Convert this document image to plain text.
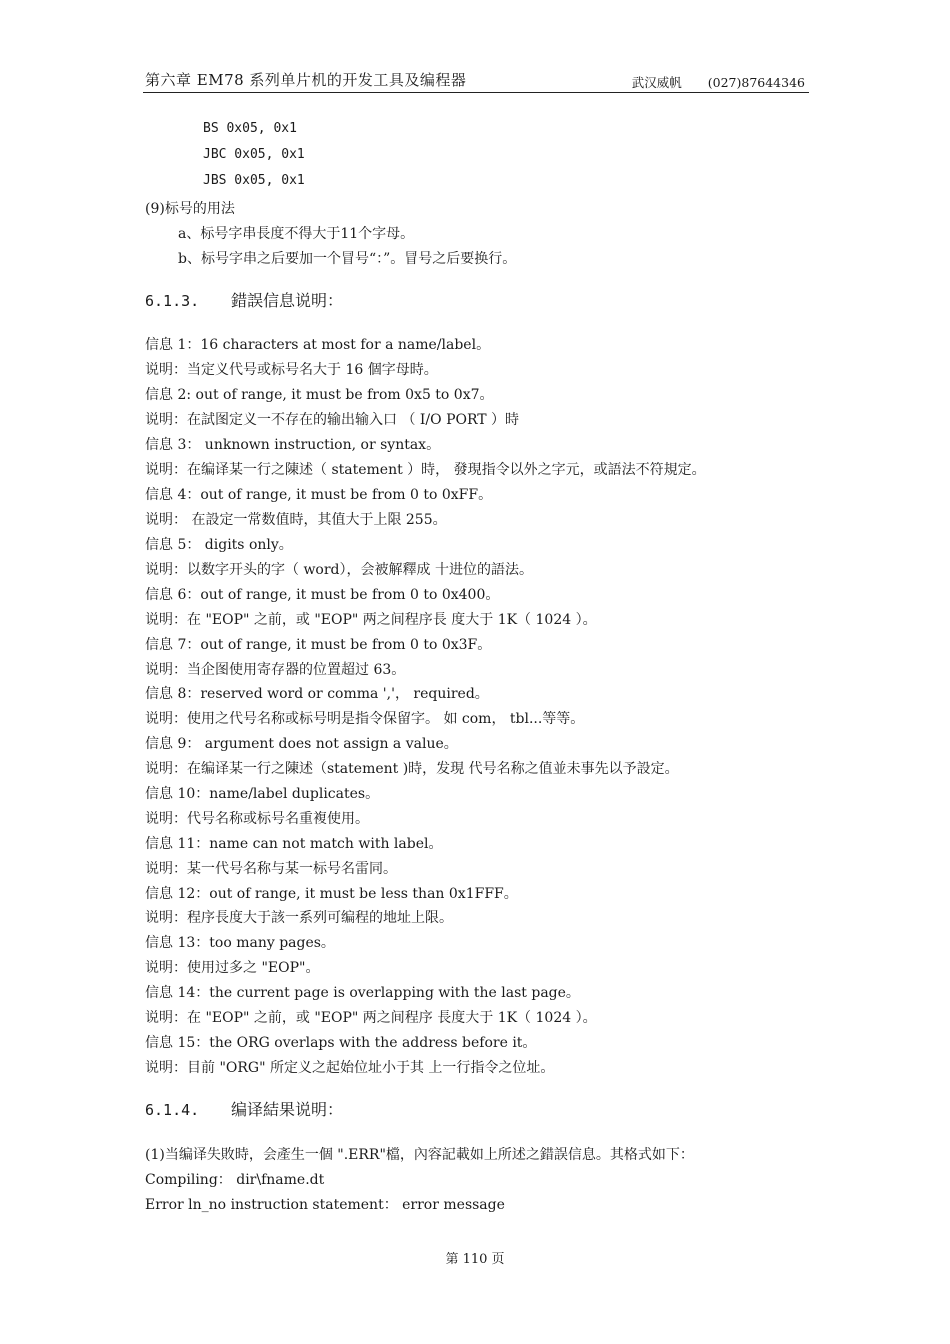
第六章 EM78 系列单片机的开发工具及编程器	武汉威帆 (027)87644346
BS 0x05, 0x1
JBC 0x05, 0x1
JBS 0x05, 0x1
(9)标号的用法
a、标号字串長度不得大于11个字母。
b、标号字串之后要加一个冒号“：”。冒号之后要换行。
6.1.3. 錯誤信息说明：
信息 1：16 characters at most for a name/label。
说明：当定义代号或标号名大于 16 個字母時。
信息 2: out of range, it must be from 0x5 to 0x7。
说明：在試图定义一不存在的输出输入口 （ I/O PORT ）時
信息 3： unknown instruction, or syntax。
说明：在编译某一行之陳述（ statement ）時， 發現指令以外之字元，或語法不符規定。
信息 4：out of range, it must be from 0 to 0xFF。
说明： 在設定一常数值時，其值大于上限 255。
信息 5： digits only。
说明：以数字开头的字（ word），会被解釋成 十进位的語法。
信息 6：out of range, it must be from 0 to 0x400。
说明：在 "EOP" 之前，或 "EOP" 两之间程序長 度大于 1K（ 1024 ）。
信息 7：out of range, it must be from 0 to 0x3F。
说明：当企图使用寄存器的位置超过 63。
信息 8：reserved word or comma ','， required。
说明：使用之代号名称或标号明是指令保留字。 如 com， tbl...等等。
信息 9： argument does not assign a value。
说明：在编译某一行之陳述（statement )時，发現 代号名称之值並未事先以予設定。
信息 10：name/label duplicates。
说明：代号名称或标号名重複使用。
信息 11：name can not match with label。
说明：某一代号名称与某一标号名雷同。
信息 12：out of range, it must be less than 0x1FFF。
说明：程序長度大于該一系列可编程的地址上限。
信息 13：too many pages。
说明：使用过多之 "EOP"。
信息 14：the current page is overlapping with the last page。
说明：在 "EOP" 之前，或 "EOP" 两之间程序 長度大于 1K（ 1024 ）。
信息 15：the ORG overlaps with the address before it。
说明：目前 "ORG" 所定义之起始位址小于其 上一行指令之位址。
6.1.4. 编译結果说明：
(1)当编译失敗時，会產生一個 ".ERR"檔，內容記載如上所述之錯誤信息。其格式如下：
Compiling： dir\fname.dt
Error ln_no instruction statement： error message
第 110 页
